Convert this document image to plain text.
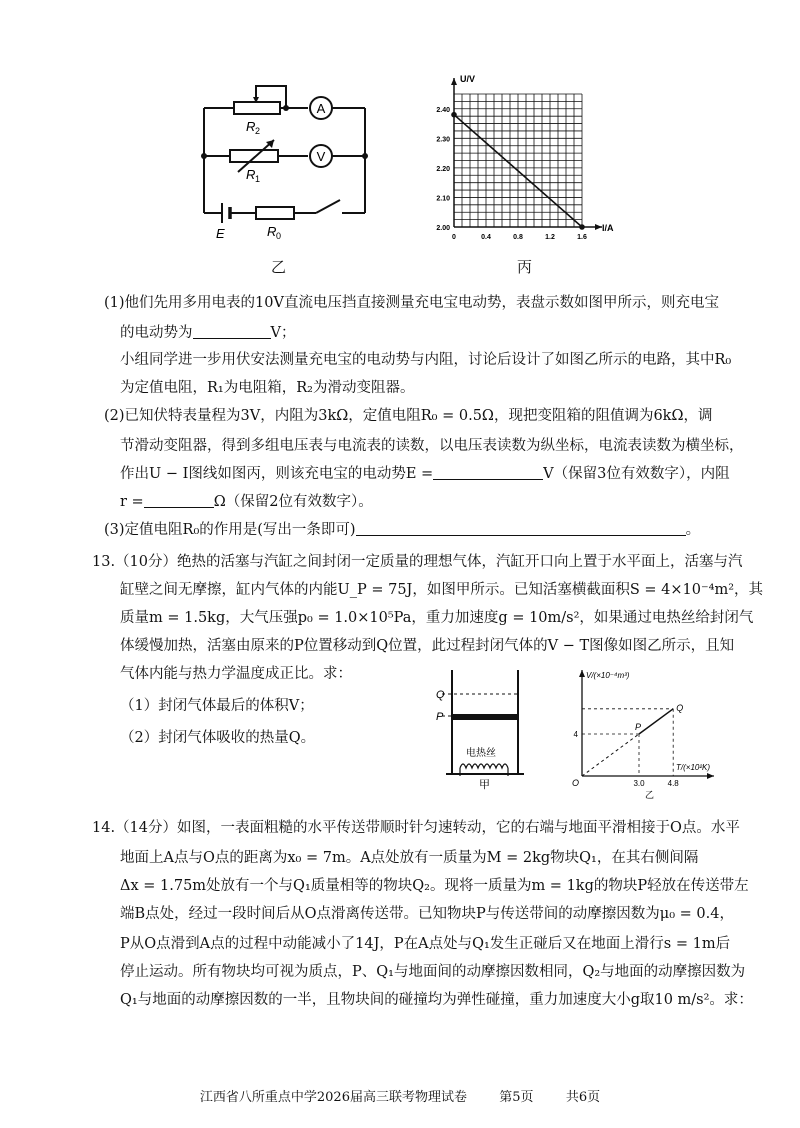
A
V
R 2
R 1
E	R 0
乙
U/V
I/A
0	0.4	0.8	1.2	1.6
2.00
2.10
2.20
2.30
2.40
丙
(1)他们先用多用电表的10V直流电压挡直接测量充电宝电动势，表盘示数如图甲所示，则充电宝
的电动势为	V；
小组同学进一步用伏安法测量充电宝的电动势与内阻，讨论后设计了如图乙所示的电路，其中R₀
为定值电阻，R₁为电阻箱，R₂为滑动变阻器。
(2)已知伏特表量程为3V，内阻为3kΩ，定值电阻R₀ = 0.5Ω，现把变阻箱的阻值调为6kΩ，调
节滑动变阻器，得到多组电压表与电流表的读数，以电压表读数为纵坐标，电流表读数为横坐标，
作出U − I图线如图丙，则该充电宝的电动势E =	V（保留3位有效数字），内阻
r =	Ω（保留2位有效数字）。
(3)定值电阻R₀的作用是(写出一条即可)	。
13.（10分）绝热的活塞与汽缸之间封闭一定质量的理想气体，汽缸开口向上置于水平面上，活塞与汽
缸壁之间无摩擦，缸内气体的内能U_P = 75J，如图甲所示。已知活塞横截面积S = 4×10⁻⁴m²，其
质量m = 1.5kg，大气压强p₀ = 1.0×10⁵Pa，重力加速度g = 10m/s²，如果通过电热丝给封闭气
体缓慢加热，活塞由原来的P位置移动到Q位置，此过程封闭气体的V − T图像如图乙所示，且知
气体内能与热力学温度成正比。求：
（1）封闭气体最后的体积V；
（2）封闭气体吸收的热量Q。
Q
P
电热丝
甲
V/(×10⁻⁴m³)
T/(×10²K)
O
P
Q
3.0	4.8
4
乙
14.（14分）如图，一表面粗糙的水平传送带顺时针匀速转动，它的右端与地面平滑相接于O点。水平
地面上A点与O点的距离为x₀ = 7m。A点处放有一质量为M = 2kg物块Q₁，在其右侧间隔
Δx = 1.75m处放有一个与Q₁质量相等的物块Q₂。现将一质量为m = 1kg的物块P轻放在传送带左
端B点处，经过一段时间后从O点滑离传送带。已知物块P与传送带间的动摩擦因数为μ₀ = 0.4，
P从O点滑到A点的过程中动能减小了14J，P在A点处与Q₁发生正碰后又在地面上滑行s = 1m后
停止运动。所有物块均可视为质点，P、Q₁与地面间的动摩擦因数相同，Q₂与地面的动摩擦因数为
Q₁与地面的动摩擦因数的一半，且物块间的碰撞均为弹性碰撞，重力加速度大小g取10 m/s²。求：
江西省八所重点中学2026届高三联考物理试卷 第5页 共6页
